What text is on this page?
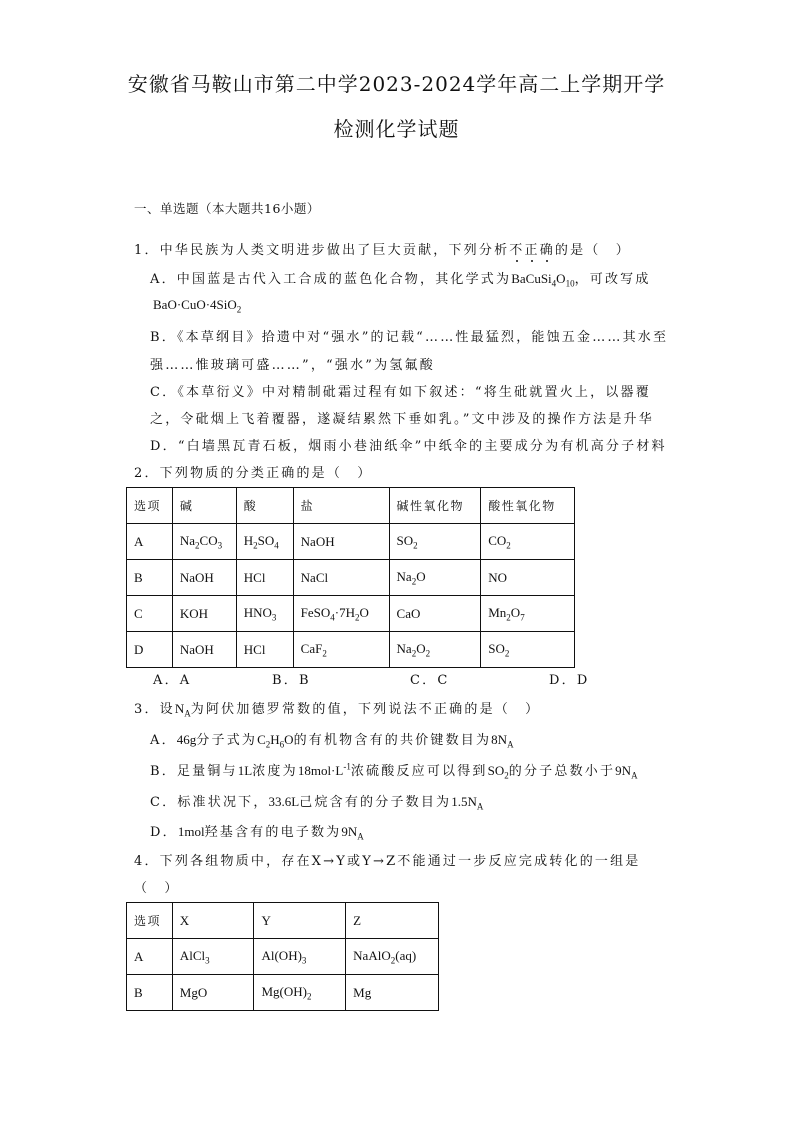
安徽省马鞍山市第二中学2023-2024学年高二上学期开学
检测化学试题
一、单选题（本大题共16小题）
1．中华民族为人类文明进步做出了巨大贡献，下列分析不正确的是（　）
A．中国蓝是古代入工合成的蓝色化合物，其化学式为$BaCuSi_4O_{10}$，可改写成
BaO·CuO·4SiO$_2$
B．《本草纲目》拾遗中对“强水”的记载“……性最猛烈，能蚀五金……其水至
强……惟玻璃可盛……”，“强水”为氢氟酸
C．《本草衍义》中对精制砒霜过程有如下叙述：“将生砒就置火上，以器覆
之，令砒烟上飞着覆器，遂凝结累然下垂如乳。”文中涉及的操作方法是升华
D．“白墙黑瓦青石板，烟雨小巷油纸伞”中纸伞的主要成分为有机高分子材料
2．下列物质的分类正确的是（　）
选项	碱	酸	盐	碱性氧化物	酸性氧化物
A	$Na_2CO_3$	$H_2SO_4$	NaOH	$SO_2$	$CO_2$
B	NaOH	HCl	NaCl	$Na_2O$	NO
C	KOH	$HNO_3$	$FeSO_4\cdot 7H_2O$	CaO	$Mn_2O_7$
D	NaOH	HCl	CaF$_2$	$Na_2O_2$	$SO_2$
A．A	B．B	C．C	D．D
3．设$N_A$为阿伏加德罗常数的值，下列说法不正确的是（　）
A．46g分子式为$C_2H_6O$的有机物含有的共价键数目为$8N_A$
B．足量铜与1L浓度为$18mol\cdot L^{-1}$浓硫酸反应可以得到$SO_2$的分子总数小于$9N_A$
C．标准状况下，33.6L己烷含有的分子数目为$1.5N_A$
D．1mol羟基含有的电子数为$9N_A$
4．下列各组物质中，存在X→Y或Y→Z不能通过一步反应完成转化的一组是
（　）
选项	X	Y	Z
A	AlCl$_3$	$Al(OH)_3$	NaAlO$_2$(aq)
B	MgO	$Mg(OH)_2$	Mg
